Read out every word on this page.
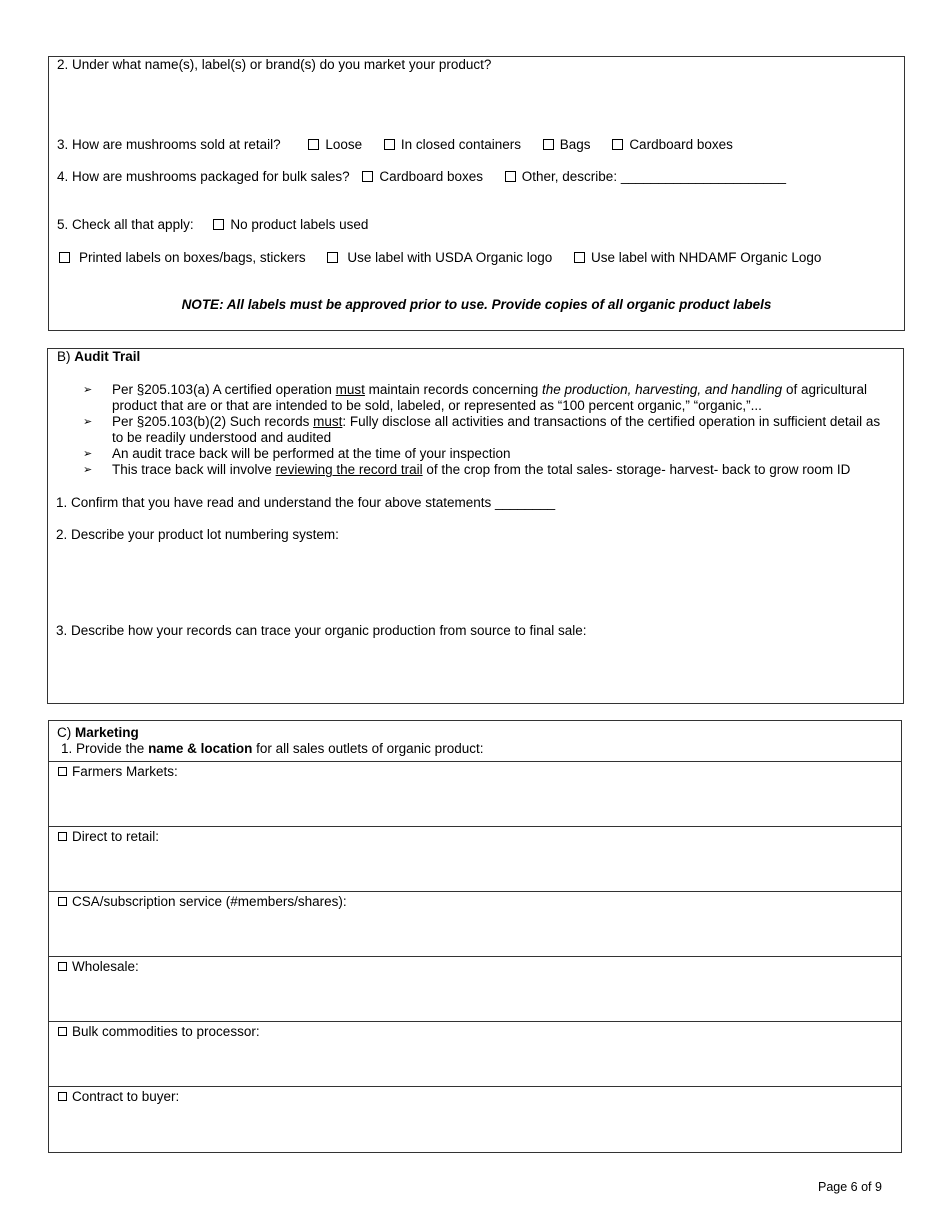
2. Under what name(s), label(s) or brand(s) do you market your product?
3. How are mushrooms sold at retail?	Loose	In closed containers	Bags	Cardboard boxes
4. How are mushrooms packaged for bulk sales? Cardboard boxes	Other, describe: ______________________
5. Check all that apply:	No product labels used
Printed labels on boxes/bags, stickers	Use label with USDA Organic logo	Use label with NHDAMF Organic Logo
NOTE: All labels must be approved prior to use. Provide copies of all organic product labels
B) Audit Trail
➢	Per §205.103(a) A certified operation must maintain records concerning the production, harvesting, and handling of agricultural product that are or that are intended to be sold, labeled, or represented as “100 percent organic,” “organic,”...
➢	Per §205.103(b)(2) Such records must: Fully disclose all activities and transactions of the certified operation in sufficient detail as to be readily understood and audited
➢	An audit trace back will be performed at the time of your inspection
➢	This trace back will involve reviewing the record trail of the crop from the total sales- storage- harvest- back to grow room ID
1. Confirm that you have read and understand the four above statements ________
2. Describe your product lot numbering system:
3. Describe how your records can trace your organic production from source to final sale:
C) Marketing
1. Provide the name & location for all sales outlets of organic product:
Farmers Markets:
Direct to retail:
CSA/subscription service (#members/shares):
Wholesale:
Bulk commodities to processor:
Contract to buyer:
Page 6 of 9
